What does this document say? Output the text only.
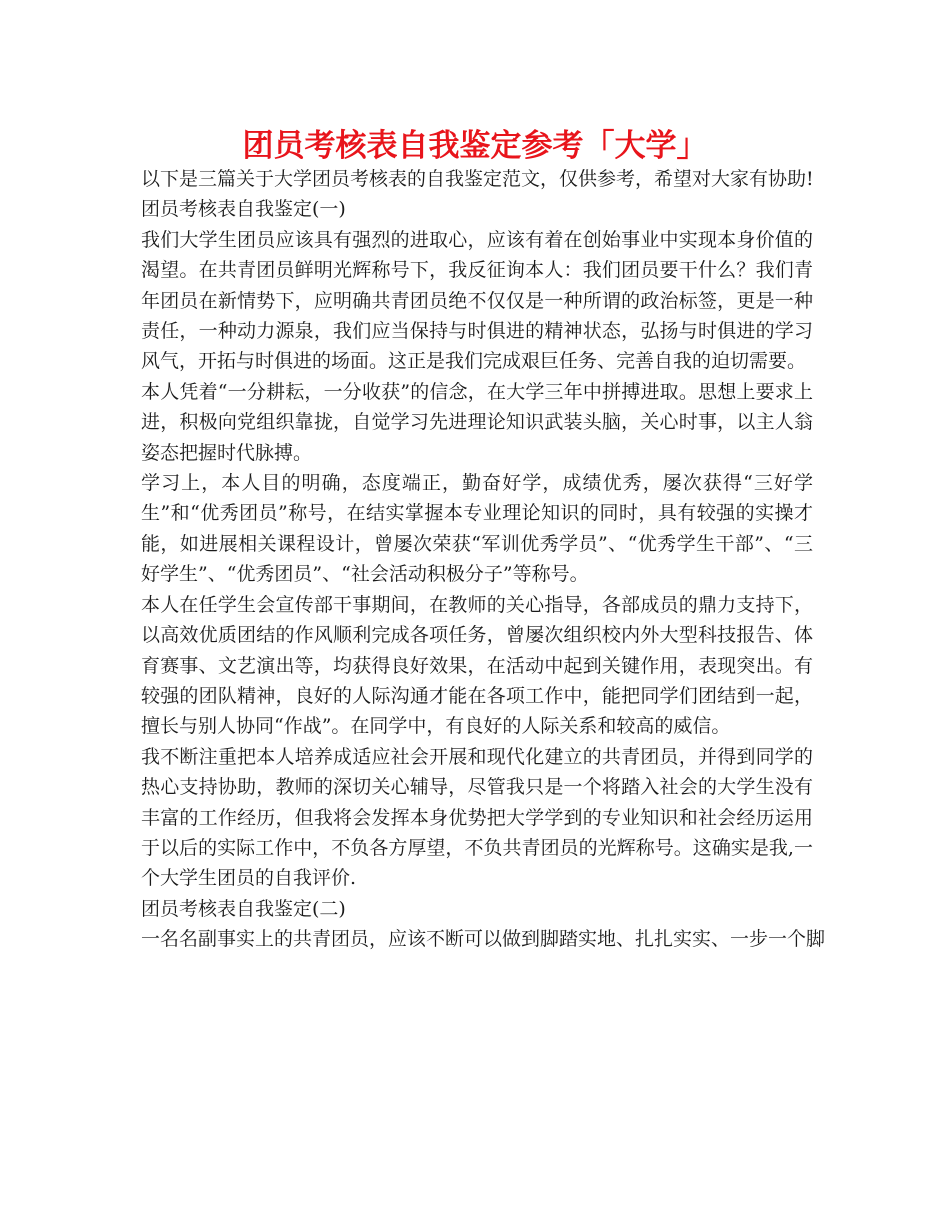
团员考核表自我鉴定参考「大学」

以下是三篇关于大学团员考核表的自我鉴定范文，仅供参考，希望对大家有协助!

团员考核表自我鉴定(一)

我们大学生团员应该具有强烈的进取心，应该有着在创始事业中实现本身价值的渴望。在共青团员鲜明光辉称号下，我反征询本人：我们团员要干什么？我们青年团员在新情势下，应明确共青团员绝不仅仅是一种所谓的政治标签，更是一种责任，一种动力源泉，我们应当保持与时俱进的精神状态，弘扬与时俱进的学习风气，开拓与时俱进的场面。这正是我们完成艰巨任务、完善自我的迫切需要。

本人凭着“一分耕耘，一分收获”的信念，在大学三年中拼搏进取。思想上要求上进，积极向党组织靠拢，自觉学习先进理论知识武装头脑，关心时事，以主人翁姿态把握时代脉搏。

学习上，本人目的明确，态度端正，勤奋好学，成绩优秀，屡次获得“三好学生”和“优秀团员”称号，在结实掌握本专业理论知识的同时，具有较强的实操才能，如进展相关课程设计，曾屡次荣获“军训优秀学员”、“优秀学生干部”、“三好学生”、“优秀团员”、“社会活动积极分子”等称号。

本人在任学生会宣传部干事期间，在教师的关心指导，各部成员的鼎力支持下，以高效优质团结的作风顺利完成各项任务，曾屡次组织校内外大型科技报告、体育赛事、文艺演出等，均获得良好效果，在活动中起到关键作用，表现突出。有较强的团队精神，良好的人际沟通才能在各项工作中，能把同学们团结到一起，擅长与别人协同“作战”。在同学中，有良好的人际关系和较高的威信。

我不断注重把本人培养成适应社会开展和现代化建立的共青团员，并得到同学的热心支持协助，教师的深切关心辅导，尽管我只是一个将踏入社会的大学生没有丰富的工作经历，但我将会发挥本身优势把大学学到的专业知识和社会经历运用于以后的实际工作中，不负各方厚望，不负共青团员的光辉称号。这确实是我,一个大学生团员的自我评价.

团员考核表自我鉴定(二)

一名名副事实上的共青团员，应该不断可以做到脚踏实地、扎扎实实、一步一个脚
